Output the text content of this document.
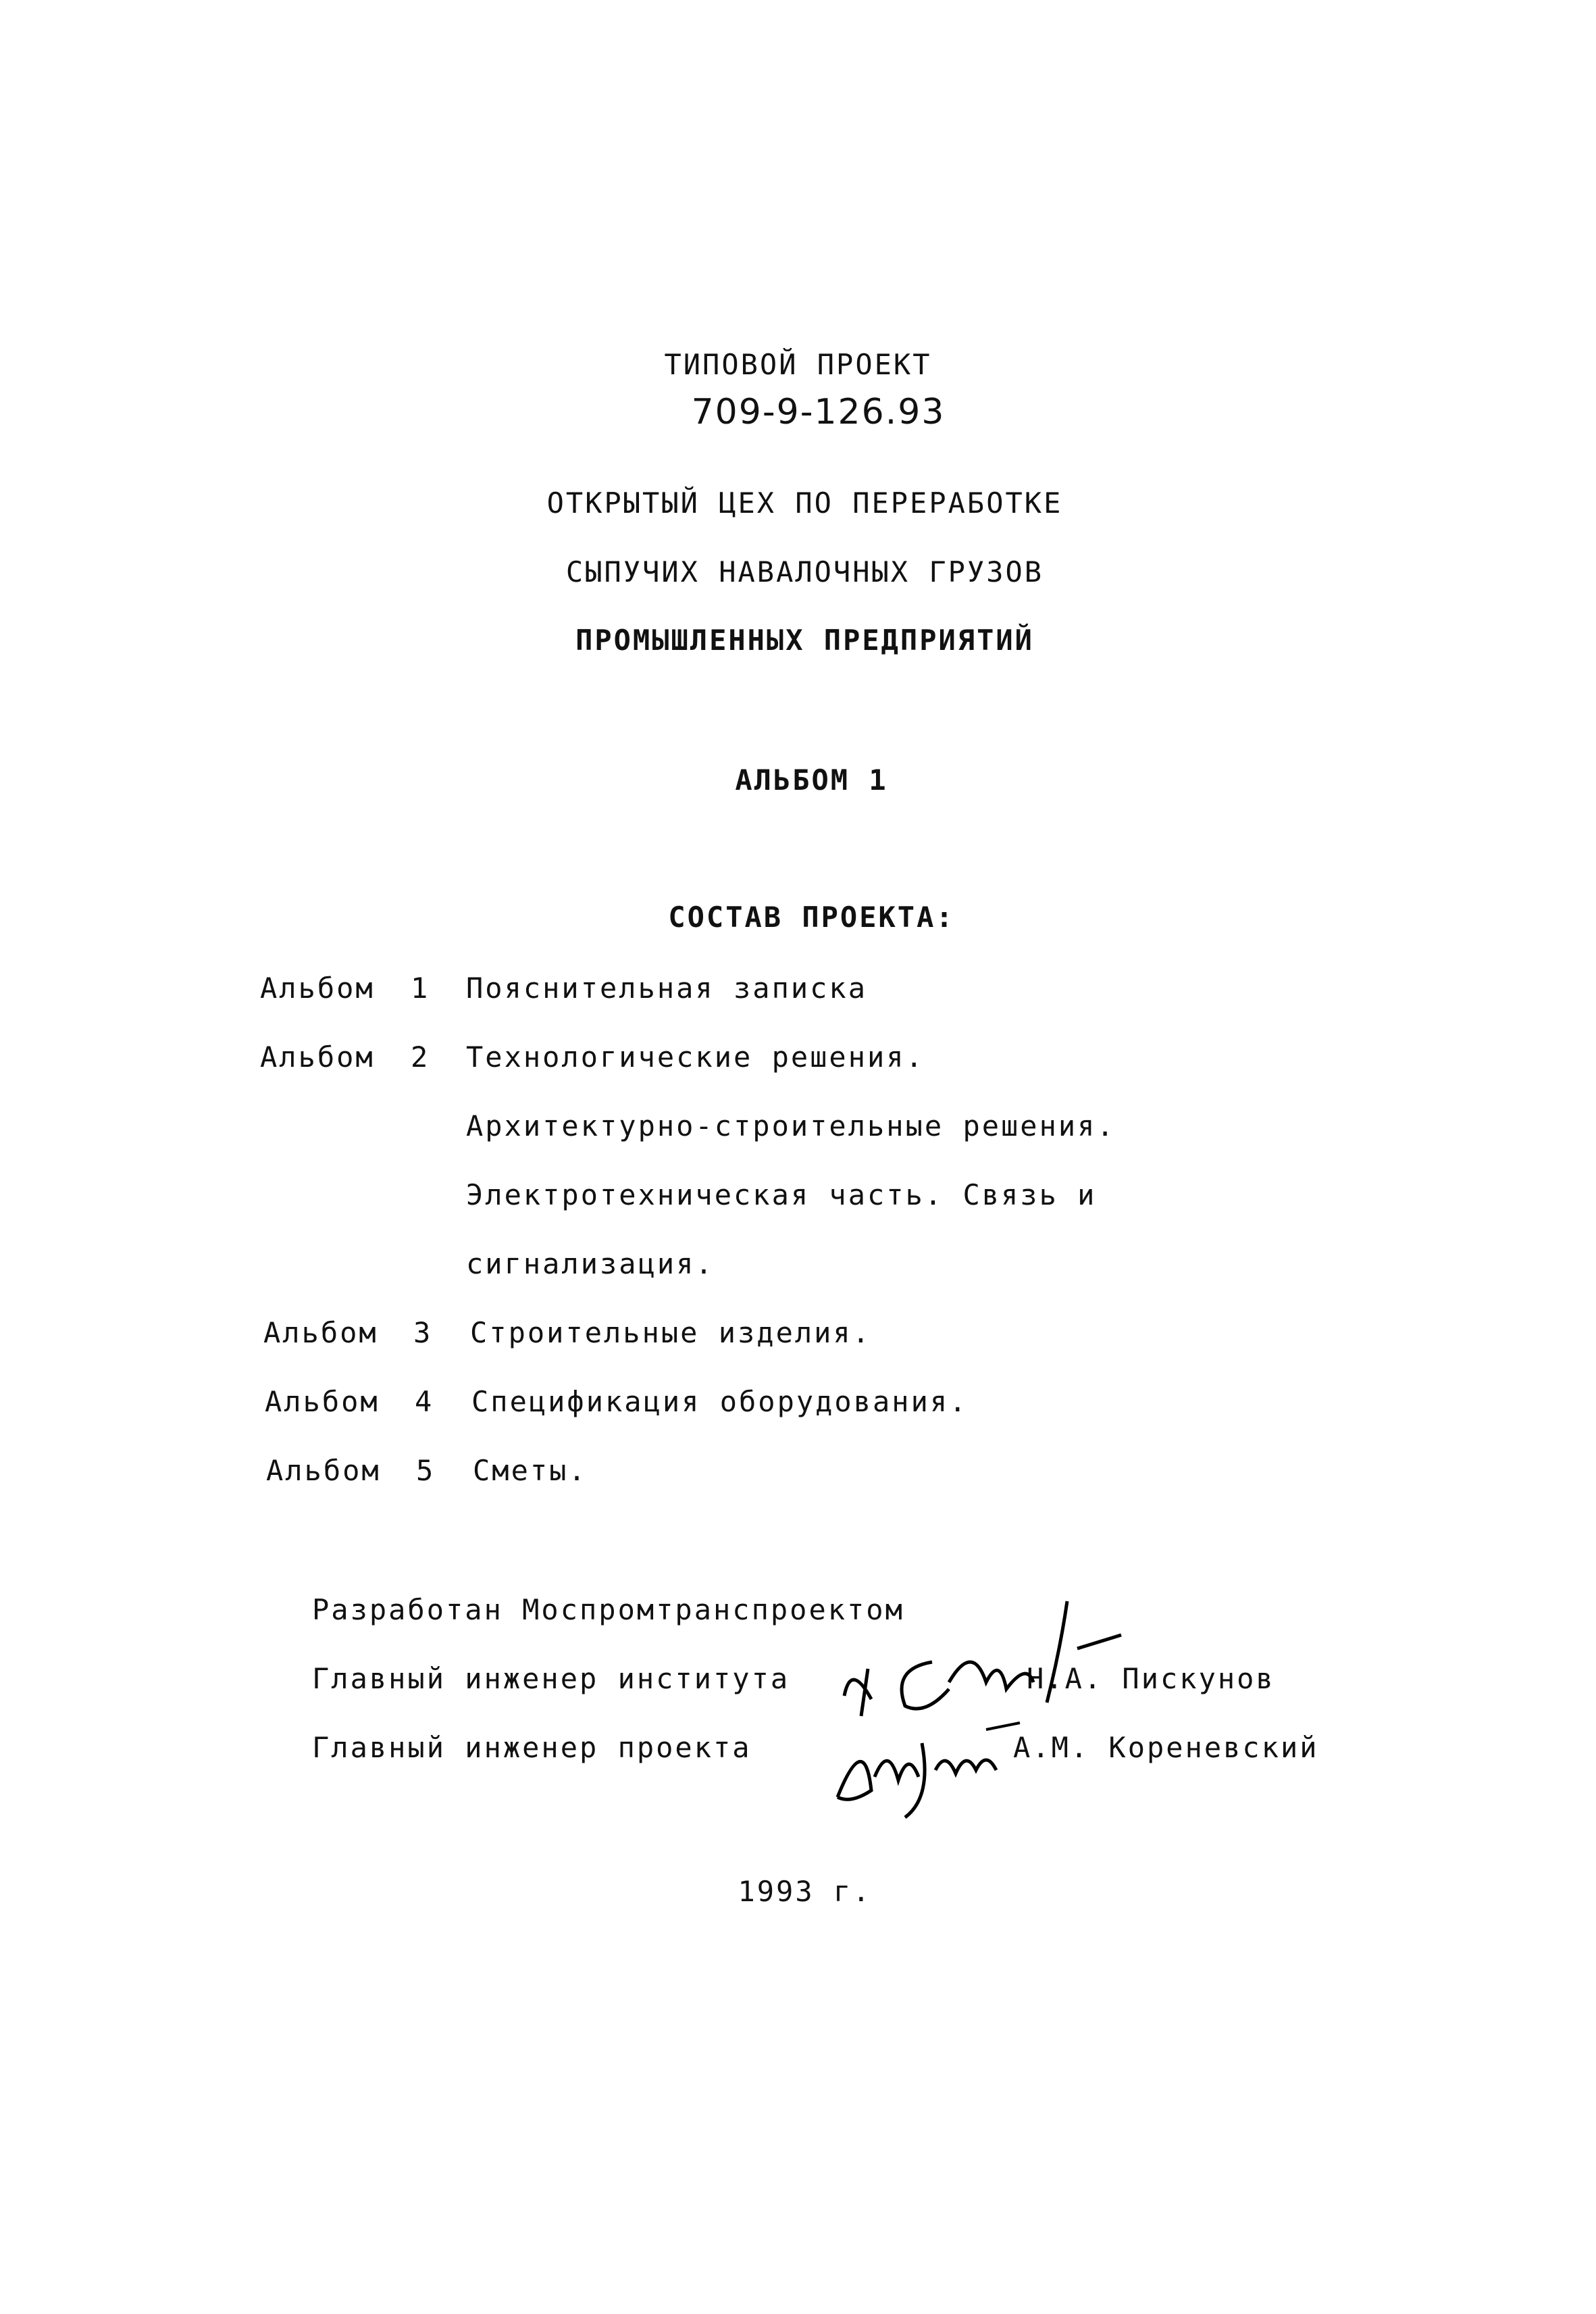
ТИПОВОЙ ПРОЕКТ
709-9-126.93
ОТКРЫТЫЙ ЦЕХ ПО ПЕРЕРАБОТКЕ
СЫПУЧИХ НАВАЛОЧНЫХ ГРУЗОВ
ПРОМЫШЛЕННЫХ ПРЕДПРИЯТИЙ
АЛЬБОМ 1
СОСТАВ ПРОЕКТА:
Альбом 1 Пояснительная записка
Альбом 2 Технологические решения.
Архитектурно-строительные решения.
Электротехническая часть. Связь и
сигнализация.
Альбом 3 Строительные изделия.
Альбом 4 Спецификация оборудования.
Альбом 5 Сметы.
Разработан Моспромтранспроектом
Главный инженер института	Н.А. Пискунов
Главный инженер проекта	А.М. Кореневский
1993 г.
